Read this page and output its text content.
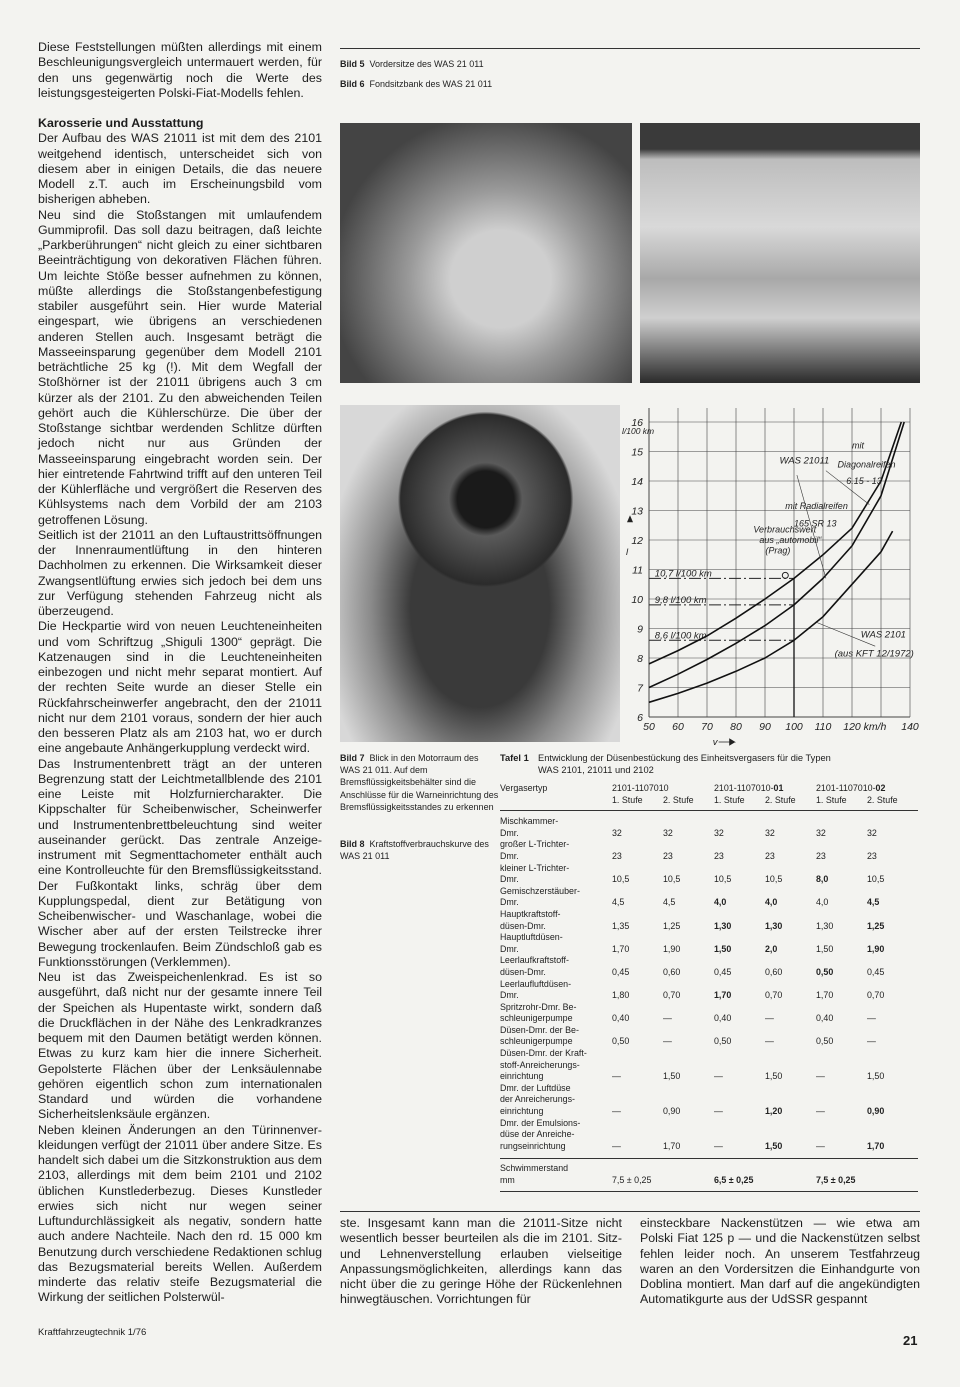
Diese Feststellungen müßten allerdings mit einem Beschleunigungsvergleich untermauert werden, für den uns gegenwärtig noch die Werte des leistungsgesteigerten Polski-Fiat-Modells fehlen.

Karosserie und Ausstattung

Der Aufbau des WAS 21011 ist mit dem des 2101 weitgehend identisch, unterscheidet sich von diesem aber in einigen Details, die das neuere Modell z.T. auch im Erscheinungsbild vom bisherigen abheben.

Neu sind die Stoßstangen mit umlaufendem Gummiprofil. Das soll dazu beitragen, daß leichte „Parkberührungen“ nicht gleich zu einer sichtbaren Beeinträchtigung von dekorativen Flächen führen. Um leichte Stöße besser aufnehmen zu können, müßte allerdings die Stoßstangenbefestigung stabiler ausgeführt sein. Hier wurde Material eingespart, wie übrigens an verschiedenen anderen Stellen auch. Insgesamt beträgt die Masseeinsparung gegenüber dem Modell 2101 beträchtliche 25 kg (!). Mit dem Wegfall der Stoßhörner ist der 21011 übrigens auch 3 cm kürzer als der 2101. Zu den abweichenden Teilen gehört auch die Kühlerschürze. Die über der Stoßstange sichtbar werdenden Schlitze dürften jedoch nicht nur aus Gründen der Masseeinsparung eingebracht worden sein. Der hier eintretende Fahrtwind trifft auf den unteren Teil der Kühlerfläche und vergrößert die Reserven des Kühlsystems nach dem Vorbild der am 2103 getroffenen Lösung.

Seitlich ist der 21011 an den Luftaustrittsöffnungen der Innenraumentlüftung in den hinteren Dachholmen zu erkennen. Die Wirksamkeit dieser Zwangsentlüftung erwies sich jedoch bei dem uns zur Verfügung stehenden Fahrzeug nicht als überzeugend.

Die Heckpartie wird von neuen Leuchteneinheiten und vom Schriftzug „Shiguli 1300“ geprägt. Die Katzenaugen sind in die Leuchteneinheiten einbezogen und nicht mehr separat montiert. Auf der rechten Seite wurde an dieser Stelle ein Rückfahrscheinwerfer angebracht, den der 21011 nicht nur dem 2101 voraus, sondern der hier auch den besseren Platz als am 2103 hat, wo er durch eine angebaute Anhängerkupplung verdeckt wird.

Das Instrumentenbrett trägt an der unteren Begrenzung statt der Leichtmetallblende des 2101 eine Leiste mit Holzfurniercharakter. Die Kippschalter für Scheibenwischer, Scheinwerfer und Instrumentenbrettbeleuchtung sind weiter auseinander gerückt. Das zentrale Anzeigeinstrument mit Segmenttachometer enthält auch eine Kontrolleuchte für den Bremsflüssigkeitsstand. Der Fußkontakt links, schräg über dem Kupplungspedal, dient zur Betätigung von Scheibenwischer- und Waschanlage, wobei die Wischer aber auf der ersten Teilstrecke ihrer Bewegung trockenlaufen. Beim Zündschloß gab es Funktionsstörungen (Verklemmen).

Neu ist das Zweispeichenlenkrad. Es ist so ausgeführt, daß nicht nur der gesamte innere Teil der Speichen als Hupentaste wirkt, sondern daß die Druckflächen in der Nähe des Lenkradkranzes bequem mit den Daumen betätigt werden können. Etwas zu kurz kam hier die innere Sicherheit. Gepolsterte Flächen über der Lenksäulennabe gehören eigentlich schon zum internationalen Standard und würden die vorhandene Sicherheitslenksäule ergänzen.

Neben kleinen Änderungen an den Türinnenverkleidungen verfügt der 21011 über andere Sitze. Es handelt sich dabei um die Sitzkonstruktion aus dem 2103, allerdings mit dem beim 2101 und 2102 üblichen Kunstlederbezug. Dieses Kunstleder erwies sich nicht nur wegen seiner Luftundurchlässigkeit als negativ, sondern hatte auch andere Nachteile. Nach den rd. 15 000 km Benutzung durch verschiedene Redaktionen schlug das Bezugsmaterial bereits Wellen. Außerdem minderte das relativ steife Bezugsmaterial die Wirkung der seitlichen Polsterwül-

Bild 5 Vordersitze des WAS 21 011
Bild 6 Fondsitzbank des WAS 21 011
6
7
8
9
10
11
12
13
14
15
16
50 60 70 80 90 100 110 120 km/h 140
l/100 km
l
v
10,7 l/100 km
9,8 l/100 km
8,6 l/100 km
Verbrauchswert
aus „automobil“
(Prag)
WAS 21011
mit
Diagonalreifen
6.15 - 13
mit Radialreifen
165 SR 13
WAS 2101
(aus KFT 12/1972)
Bild 7 Blick in den Motorraum des WAS 21 011. Auf dem Bremsflüssigkeitsbehälter sind die Anschlüsse für die Warneinrichtung des Bremsflüssigkeitsstandes zu erkennen
Bild 8 Kraftstoffverbrauchskurve des WAS 21 011
Tafel 1 Entwicklung der Düsenbestückung des Einheitsvergasers für die Typen
WAS 2101, 21011 und 2102
Vergasertyp	2101-1107010		2101-1107010-01		2101-1107010-02	
	1. Stufe	2. Stufe	1. Stufe	2. Stufe	1. Stufe	2. Stufe

Mischkammer-
Dmr.	32	32	32	32	32	32

großer L-Trichter-
Dmr.	23	23	23	23	23	23

kleiner L-Trichter-
Dmr.	10,5	10,5	10,5	10,5	8,0	10,5

Gemischzerstäuber-
Dmr.	4,5	4,5	4,0	4,0	4,0	4,5

Hauptkraftstoff-
düsen-Dmr.	1,35	1,25	1,30	1,30	1,30	1,25

Hauptluftdüsen-
Dmr.	1,70	1,90	1,50	2,0	1,50	1,90

Leerlaufkraftstoff-
düsen-Dmr.	0,45	0,60	0,45	0,60	0,50	0,45

Leerlaufluftdüsen-
Dmr.	1,80	0,70	1,70	0,70	1,70	0,70

Spritzrohr-Dmr. Be-
schleunigerpumpe	0,40	—	0,40	—	0,40	—

Düsen-Dmr. der Be-
schleunigerpumpe	0,50	—	0,50	—	0,50	—

Düsen-Dmr. der Kraft-
stoff-Anreicherungs-
einrichtung	—	1,50	—	1,50	—	1,50

Dmr. der Luftdüse
der Anreicherungs-
einrichtung	—	0,90	—	1,20	—	0,90

Dmr. der Emulsions-
düse der Anreiche-
rungseinrichtung	—	1,70	—	1,50	—	1,70

Schwimmerstand
mm	7,5 ± 0,25		6,5 ± 0,25		7,5 ± 0,25	

ste. Insgesamt kann man die 21011-Sitze nicht wesentlich besser beurteilen als die im 2101. Sitz- und Lehnenverstellung erlauben vielseitige Anpassungsmöglichkeiten, allerdings kann das nicht über die zu geringe Höhe der Rückenlehnen hinwegtäuschen. Vorrichtungen für

einsteckbare Nackenstützen — wie etwa am Polski Fiat 125 p — und die Nackenstützen selbst fehlen leider noch. An unserem Testfahrzeug waren an den Vordersitzen die Einhandgurte von Doblina montiert. Man darf auf die angekündigten Automatikgurte aus der UdSSR gespannt

Kraftfahrzeugtechnik 1/76
21
